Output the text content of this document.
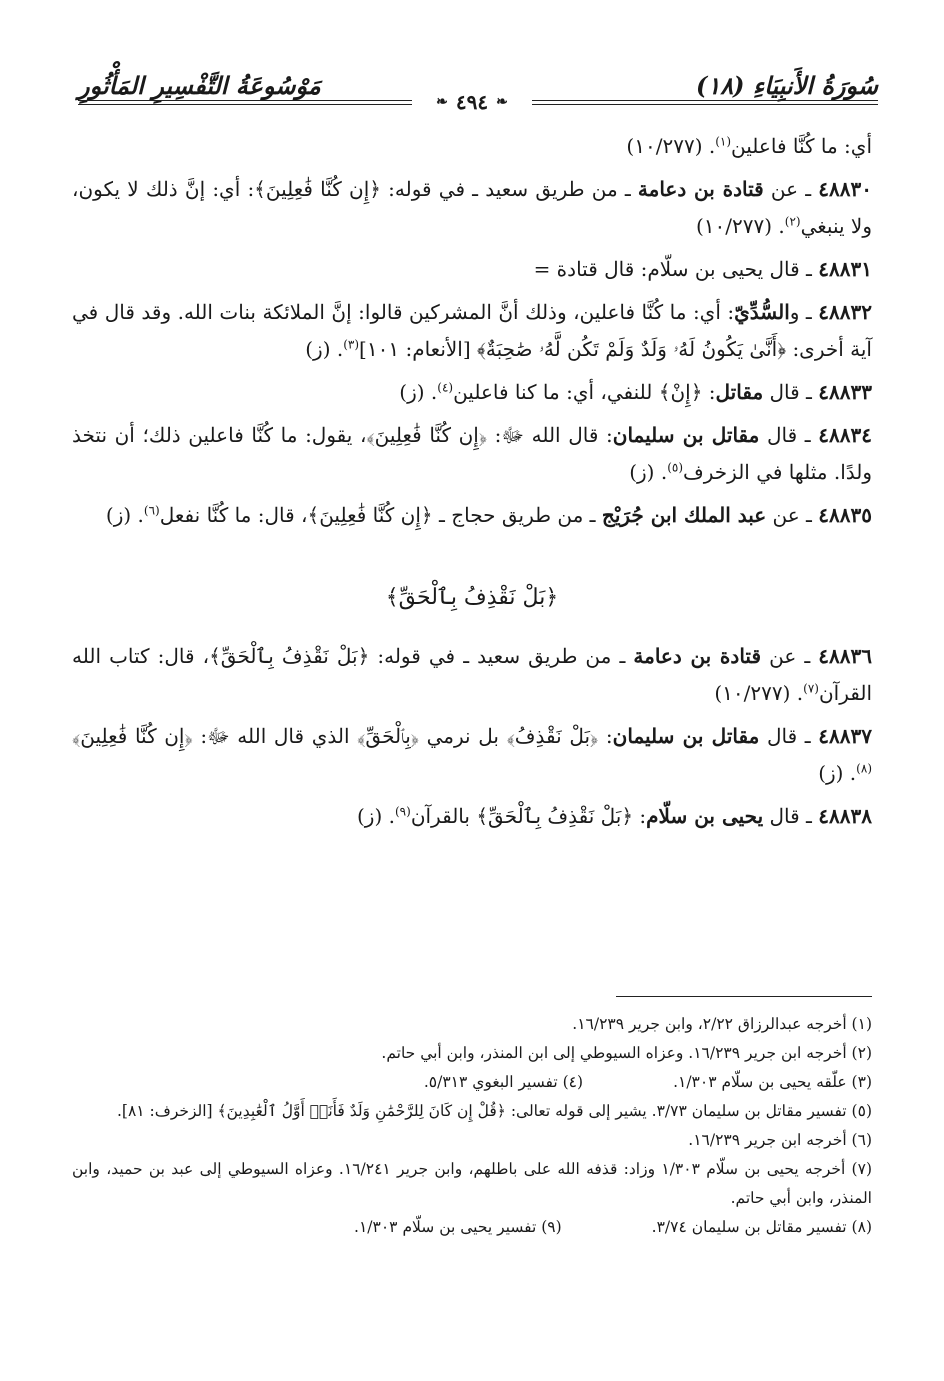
مَوْسُوعَةُ التَّفْسِيرِ المَأْثُورِ	سُورَةُ الأَنبِيَاءِ (١٨)
❧ ٤٩٤ ❧

أي: ما كُنَّا فاعلين$^{(١)}$. (١٠/٢٧٧)

٤٨٨٣٠ ـ عن قتادة بن دعامة ـ من طريق سعيد ـ في قوله: ﴿إِن كُنَّا فَٰعِلِينَ﴾: أي: إنَّ ذلك لا يكون، ولا ينبغي$^{(٢)}$. (١٠/٢٧٧)

٤٨٨٣١ ـ قال يحيى بن سلّام: قال قتادة =

٤٨٨٣٢ ـ والسُّدِّيّ: أي: ما كُنَّا فاعلين، وذلك أنَّ المشركين قالوا: إنَّ الملائكة بنات الله. وقد قال في آية أخرى: ﴿أَنَّىٰ يَكُونُ لَهُۥ وَلَدٌ وَلَمْ تَكُن لَّهُۥ صَٰحِبَةٌ﴾ [الأنعام: ١٠١]$^{(٣)}$. (ز)

٤٨٨٣٣ ـ قال مقاتل: ﴿إِنْ﴾ للنفي، أي: ما كنا فاعلين$^{(٤)}$. (ز)

٤٨٨٣٤ ـ قال مقاتل بن سليمان: قال الله ﷻ: ﴿إِن كُنَّا فَٰعِلِينَ﴾، يقول: ما كُنَّا فاعلين ذلك؛ أن نتخذ ولدًا. مثلها في الزخرف$^{(٥)}$. (ز)

٤٨٨٣٥ ـ عن عبد الملك ابن جُرَيْج ـ من طريق حجاج ـ ﴿إِن كُنَّا فَٰعِلِينَ﴾، قال: ما كُنَّا نفعل$^{(٦)}$. (ز)

﴿بَلْ نَقْذِفُ بِٱلْحَقِّ﴾

٤٨٨٣٦ ـ عن قتادة بن دعامة ـ من طريق سعيد ـ في قوله: ﴿بَلْ نَقْذِفُ بِٱلْحَقِّ﴾، قال: كتاب الله القرآن$^{(٧)}$. (١٠/٢٧٧)

٤٨٨٣٧ ـ قال مقاتل بن سليمان: ﴿بَلْ نَقْذِفُ﴾ بل نرمي ﴿بِٱلْحَقِّ﴾ الذي قال الله ﷻ: ﴿إِن كُنَّا فَٰعِلِينَ﴾$^{(٨)}$. (ز)

٤٨٨٣٨ ـ قال يحيى بن سلّام: ﴿بَلْ نَقْذِفُ بِٱلْحَقِّ﴾ بالقرآن$^{(٩)}$. (ز)

(١) أخرجه عبدالرزاق ٢/٢٢، وابن جرير ١٦/٢٣٩.

(٢) أخرجه ابن جرير ١٦/٢٣٩. وعزاه السيوطي إلى ابن المنذر، وابن أبي حاتم.

(٣) علّقه يحيى بن سلّام ١/٣٠٣.
(٤) تفسير البغوي ٥/٣١٣.

(٥) تفسير مقاتل بن سليمان ٣/٧٣. يشير إلى قوله تعالى: ﴿قُلْ إِن كَانَ لِلرَّحْمَٰنِ وَلَدٌ فَأَنَا۠ أَوَّلُ ٱلْعَٰبِدِينَ﴾ [الزخرف: ٨١].

(٦) أخرجه ابن جرير ١٦/٢٣٩.

(٧) أخرجه يحيى بن سلّام ١/٣٠٣ وزاد: قذفه الله على باطلهم، وابن جرير ١٦/٢٤١. وعزاه السيوطي إلى عبد بن حميد، وابن المنذر، وابن أبي حاتم.

(٨) تفسير مقاتل بن سليمان ٣/٧٤.
(٩) تفسير يحيى بن سلّام ١/٣٠٣.
